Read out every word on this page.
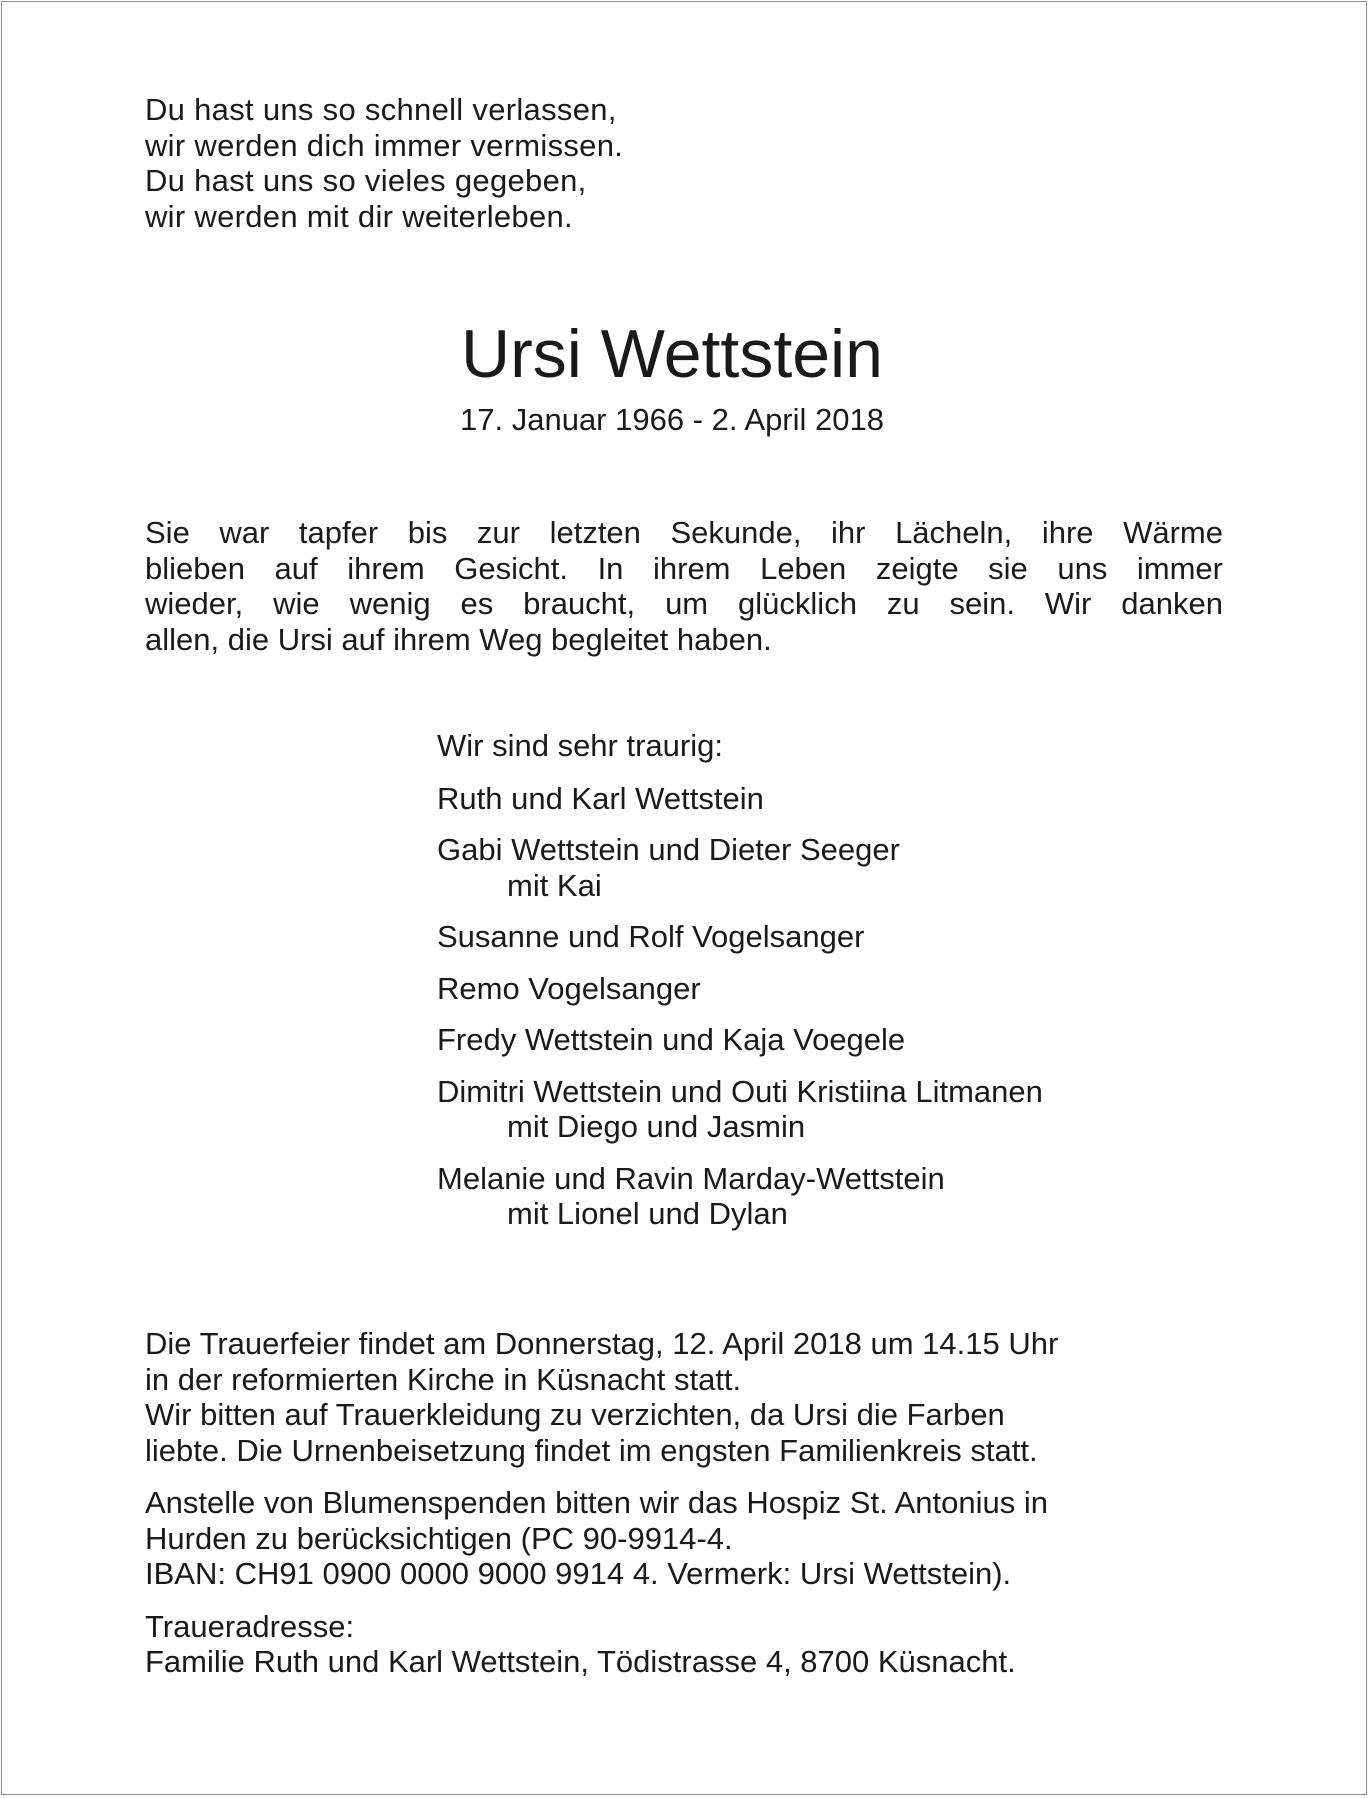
Du hast uns so schnell verlassen,
wir werden dich immer vermissen.
Du hast uns so vieles gegeben,
wir werden mit dir weiterleben.
Ursi Wettstein
17. Januar 1966 - 2. April 2018
Sie war tapfer bis zur letzten Sekunde, ihr Lächeln, ihre Wärme
blieben auf ihrem Gesicht. In ihrem Leben zeigte sie uns immer
wieder, wie wenig es braucht, um glücklich zu sein. Wir danken
allen, die Ursi auf ihrem Weg begleitet haben.
Wir sind sehr traurig:
Ruth und Karl Wettstein
Gabi Wettstein und Dieter Seeger
mit Kai
Susanne und Rolf Vogelsanger
Remo Vogelsanger
Fredy Wettstein und Kaja Voegele
Dimitri Wettstein und Outi Kristiina Litmanen
mit Diego und Jasmin
Melanie und Ravin Marday-Wettstein
mit Lionel und Dylan
Die Trauerfeier findet am Donnerstag, 12. April 2018 um 14.15 Uhr
in der reformierten Kirche in Küsnacht statt.
Wir bitten auf Trauerkleidung zu verzichten, da Ursi die Farben
liebte. Die Urnenbeisetzung findet im engsten Familienkreis statt.
Anstelle von Blumenspenden bitten wir das Hospiz St. Antonius in
Hurden zu berücksichtigen (PC 90-9914-4.
IBAN: CH91 0900 0000 9000 9914 4. Vermerk: Ursi Wettstein).
Traueradresse:
Familie Ruth und Karl Wettstein, Tödistrasse 4, 8700 Küsnacht.
